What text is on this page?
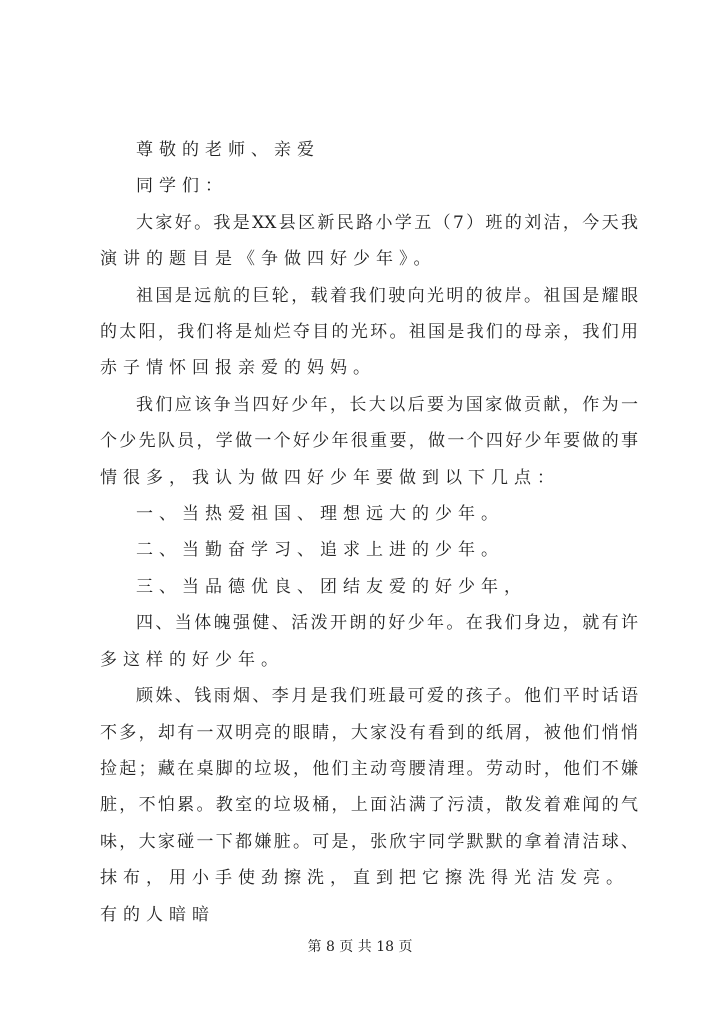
尊敬的老师、亲爱
同学们：
大家好。我是XX县区新民路小学五（7）班的刘洁，今天我
演讲的题目是《争做四好少年》。
祖国是远航的巨轮，载着我们驶向光明的彼岸。祖国是耀眼
的太阳，我们将是灿烂夺目的光环。祖国是我们的母亲，我们用
赤子情怀回报亲爱的妈妈。
我们应该争当四好少年，长大以后要为国家做贡献，作为一
个少先队员，学做一个好少年很重要，做一个四好少年要做的事
情很多，我认为做四好少年要做到以下几点：
一、当热爱祖国、理想远大的少年。
二、当勤奋学习、追求上进的少年。
三、当品德优良、团结友爱的好少年，
四、当体魄强健、活泼开朗的好少年。在我们身边，就有许
多这样的好少年。
顾姝、钱雨烟、李月是我们班最可爱的孩子。他们平时话语
不多，却有一双明亮的眼睛，大家没有看到的纸屑，被他们悄悄
捡起；藏在桌脚的垃圾，他们主动弯腰清理。劳动时，他们不嫌
脏，不怕累。教室的垃圾桶，上面沾满了污渍，散发着难闻的气
味，大家碰一下都嫌脏。可是，张欣宇同学默默的拿着清洁球、
抹布，用小手使劲擦洗，直到把它擦洗得光洁发亮。有的人暗暗
第 8 页 共 18 页
